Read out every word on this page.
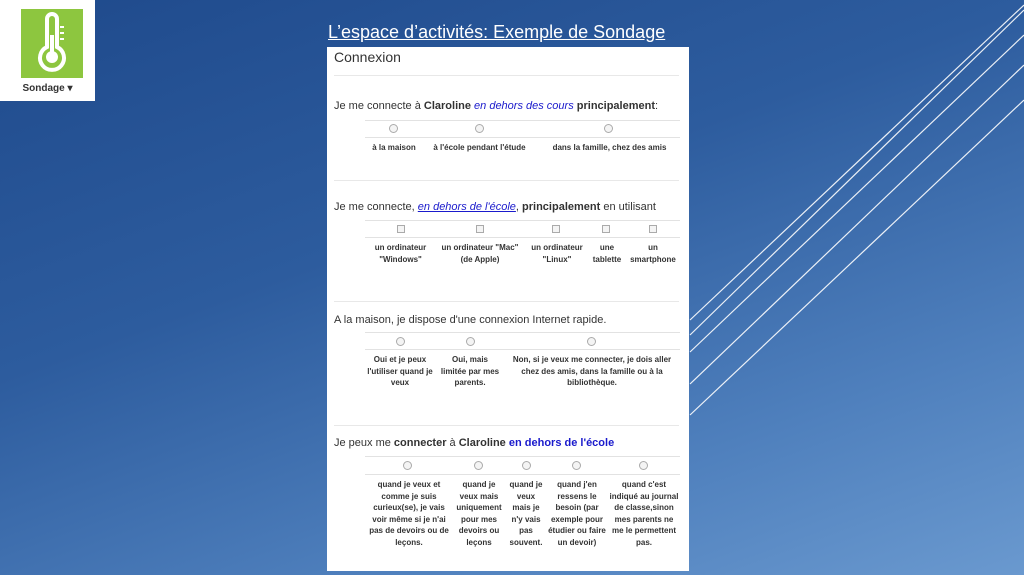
Sondage ▾
L’espace d’activités: Exemple de Sondage
Connexion
Je me connecte à Claroline en dehors des cours principalement:
à la maison	à l'école pendant l'étude	dans la famille, chez des amis
Je me connecte, en dehors de l'école, principalement en utilisant
un ordinateur "Windows"
un ordinateur "Mac" (de Apple)
un ordinateur "Linux"
une tablette
un smartphone
A la maison, je dispose d'une connexion Internet rapide.
Oui et je peux l'utiliser quand je veux
Oui, mais limitée par mes parents.
Non, si je veux me connecter, je dois aller chez des amis, dans la famille ou à la bibliothèque.
Je peux me connecter à Claroline en dehors de l'école
quand je veux et comme je suis curieux(se), je vais voir même si je n'ai pas de devoirs ou de leçons.
quand je veux mais uniquement pour mes devoirs ou leçons
quand je veux mais je n'y vais pas souvent.
quand j'en ressens le besoin (par exemple pour étudier ou faire un devoir)
quand c'est indiqué au journal de classe,sinon mes parents ne me le permettent pas.
